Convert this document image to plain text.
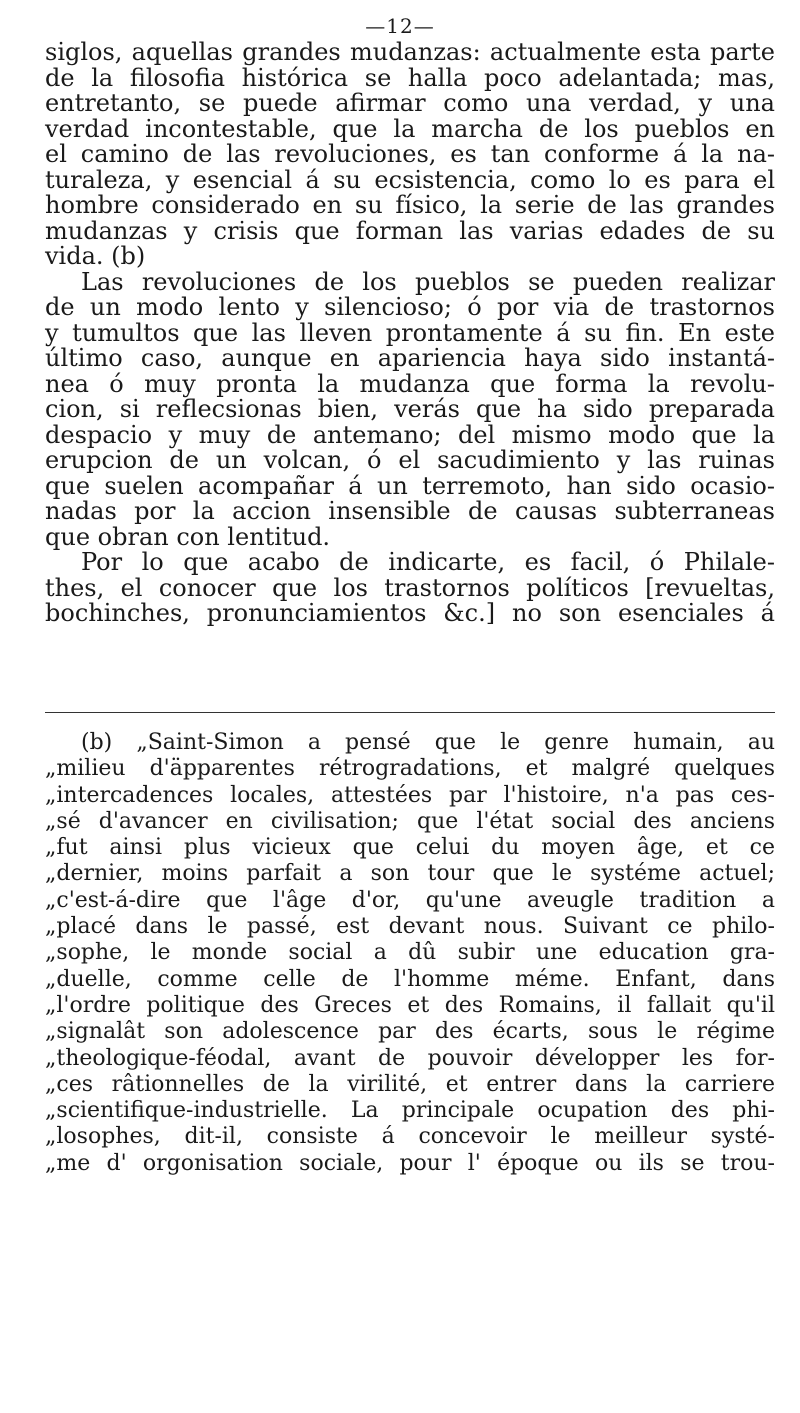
—12—
siglos, aquellas grandes mudanzas: actualmente esta parte
de la filosofia histórica se halla poco adelantada; mas,
entretanto, se puede afirmar como una verdad, y una
verdad incontestable, que la marcha de los pueblos en
el camino de las revoluciones, es tan conforme á la na-
turaleza, y esencial á su ecsistencia, como lo es para el
hombre considerado en su físico, la serie de las grandes
mudanzas y crisis que forman las varias edades de su
vida. (b)
Las revoluciones de los pueblos se pueden realizar
de un modo lento y silencioso; ó por via de trastornos
y tumultos que las lleven prontamente á su fin. En este
último caso, aunque en apariencia haya sido instantá-
nea ó muy pronta la mudanza que forma la revolu-
cion, si reflecsionas bien, verás que ha sido preparada
despacio y muy de antemano; del mismo modo que la
erupcion de un volcan, ó el sacudimiento y las ruinas
que suelen acompañar á un terremoto, han sido ocasio-
nadas por la accion insensible de causas subterraneas
que obran con lentitud.
Por lo que acabo de indicarte, es facil, ó Philale-
thes, el conocer que los trastornos políticos [revueltas,
bochinches, pronunciamientos &c.] no son esenciales á
(b) „Saint-Simon a pensé que le genre humain, au
„milieu d'äpparentes rétrogradations, et malgré quelques
„intercadences locales, attestées par l'histoire, n'a pas ces-
„sé d'avancer en civilisation; que l'état social des anciens
„fut ainsi plus vicieux que celui du moyen âge, et ce
„dernier, moins parfait a son tour que le systéme actuel;
„c'est-á-dire que l'âge d'or, qu'une aveugle tradition a
„placé dans le passé, est devant nous. Suivant ce philo-
„sophe, le monde social a dû subir une education gra-
„duelle, comme celle de l'homme méme. Enfant, dans
„l'ordre politique des Greces et des Romains, il fallait qu'il
„signalât son adolescence par des écarts, sous le régime
„theologique-féodal, avant de pouvoir développer les for-
„ces râtionnelles de la virilité, et entrer dans la carriere
„scientifique-industrielle. La principale ocupation des phi-
„losophes, dit-il, consiste á concevoir le meilleur systé-
„me d' orgonisation sociale, pour l' époque ou ils se trou-
